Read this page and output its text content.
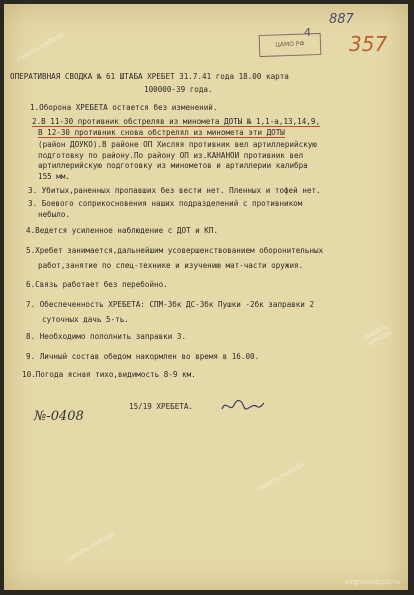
887
4 357
ЦАМО РФ
ОПЕРАТИВНАЯ СВОДКА № 61 ШТАБА ХРЕБЕТ 31.7.41 года 18.00 карта
100000-39 года.
1.Оборона ХРЕБЕТА остается без изменений.
2.В 11-30 противник обстреляв из миномета ДОТЫ № 1,1-а,13,14,9,
В 12-30 противник снова обстрелял из миномета эти ДОТЫ
(район ДОУКО).В районе ОП Хисляя противник вел артиллерийскую
подготовку по району.По району ОП из.КАНАНОИ противник вел
артиллерийскую подготовку из минометов и артиллерии калибра
155 мм.
3. Убитых,раненных пропавших без вести нет. Пленных и тофей нет.
3. Боевого соприкосновения наших подразделений с противником
небыло.
4.Ведется усиленное наблюдение с ДОТ и КП.
5.Хребет занимается,дальнейшим усовершенствованием оборонительных
работ,занятие по спец-технике и изучению мат-части оружия.
6.Связь работает без перебойно.
7. Обеспеченность ХРЕБЕТА: СПМ-3бк ДС-3бк Пушки -2бк заправки 2
суточных дачь 5-ть.
8. Необходимо пополнить заправки 3.
9. Личный состав обедом накормлен во время в 16.00.
10.Погода ясная тихо,видимость 8-9 км.
15/19 ХРЕБЕТА.
№-0408
ПАМЯТЬ НАРОДА
ПАМЯТЬ НАРОДА
ПАМЯТЬ НАРОДА
ПАМЯТЬ НАРОДА
airgroundspb.ru
